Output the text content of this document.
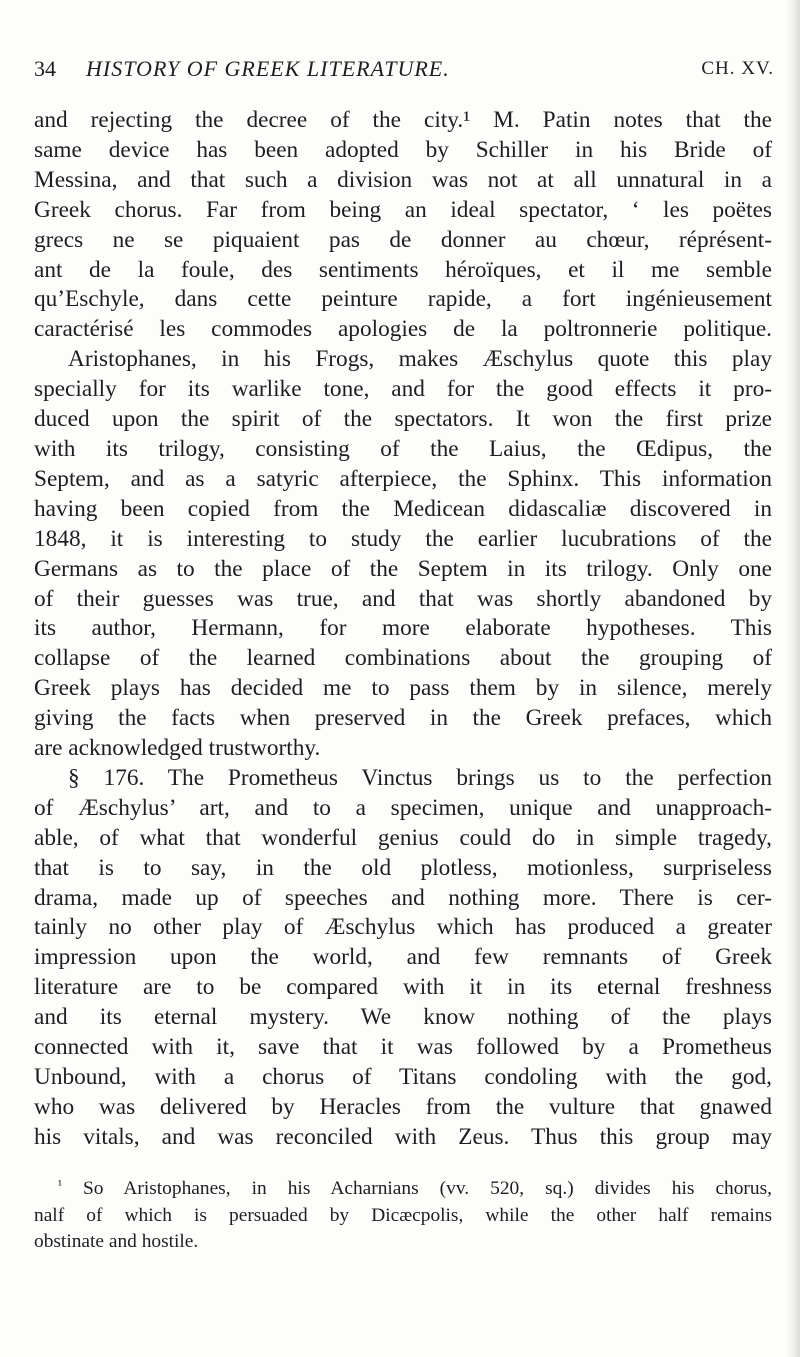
34 HISTORY OF GREEK LITERATURE.	CH. XV.

and rejecting the decree of the city.¹ M. Patin notes that the
same device has been adopted by Schiller in his Bride of
Messina, and that such a division was not at all unnatural in a
Greek chorus. Far from being an ideal spectator, ‘ les poëtes
grecs ne se piquaient pas de donner au chœur, réprésent-
ant de la foule, des sentiments héroïques, et il me semble
qu’Eschyle, dans cette peinture rapide, a fort ingénieusement
caractérisé les commodes apologies de la poltronnerie politique.

Aristophanes, in his Frogs, makes Æschylus quote this play
specially for its warlike tone, and for the good effects it pro-
duced upon the spirit of the spectators. It won the first prize
with its trilogy, consisting of the Laius, the Œdipus, the
Septem, and as a satyric afterpiece, the Sphinx. This information
having been copied from the Medicean didascaliæ discovered in
1848, it is interesting to study the earlier lucubrations of the
Germans as to the place of the Septem in its trilogy. Only one
of their guesses was true, and that was shortly abandoned by
its author, Hermann, for more elaborate hypotheses. This
collapse of the learned combinations about the grouping of
Greek plays has decided me to pass them by in silence, merely
giving the facts when preserved in the Greek prefaces, which
are acknowledged trustworthy.

§ 176. The Prometheus Vinctus brings us to the perfection
of Æschylus’ art, and to a specimen, unique and unapproach-
able, of what that wonderful genius could do in simple tragedy,
that is to say, in the old plotless, motionless, surpriseless
drama, made up of speeches and nothing more. There is cer-
tainly no other play of Æschylus which has produced a greater
impression upon the world, and few remnants of Greek
literature are to be compared with it in its eternal freshness
and its eternal mystery. We know nothing of the plays
connected with it, save that it was followed by a Prometheus
Unbound, with a chorus of Titans condoling with the god,
who was delivered by Heracles from the vulture that gnawed
his vitals, and was reconciled with Zeus. Thus this group may

$^{^1}$ So Aristophanes, in his Acharnians (vv. 520, sq.) divides his chorus,
nalf of which is persuaded by Dicæcpolis, while the other half remains
obstinate and hostile.
